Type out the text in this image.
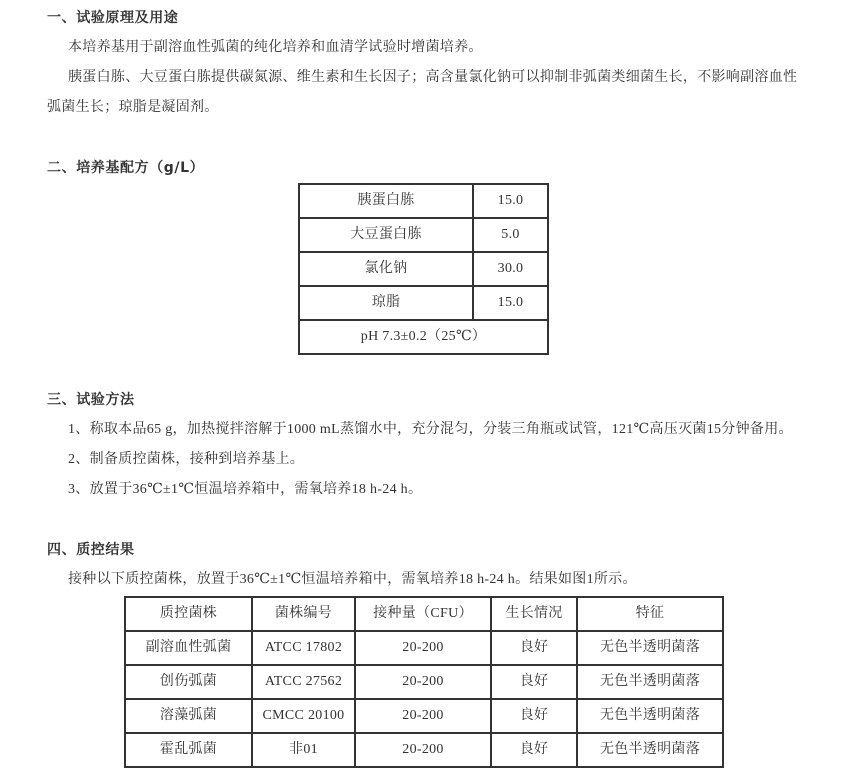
一、试验原理及用途

本培养基用于副溶血性弧菌的纯化培养和血清学试验时增菌培养。

胰蛋白胨、大豆蛋白胨提供碳氮源、维生素和生长因子；高含量氯化钠可以抑制非弧菌类细菌生长，不影响副溶血性弧菌生长；琼脂是凝固剂。

二、培养基配方（g/L）
胰蛋白胨	15.0
大豆蛋白胨	5.0
氯化钠	30.0
琼脂	15.0
pH 7.3±0.2（25℃）	
三、试验方法

1、称取本品65 g，加热搅拌溶解于1000 mL蒸馏水中，充分混匀，分装三角瓶或试管，121℃高压灭菌15分钟备用。

2、制备质控菌株，接种到培养基上。

3、放置于36℃±1℃恒温培养箱中，需氧培养18 h-24 h。

四、质控结果

接种以下质控菌株，放置于36℃±1℃恒温培养箱中，需氧培养18 h-24 h。结果如图1所示。

质控菌株	菌株编号	接种量（CFU）	生长情况	特征
副溶血性弧菌	ATCC 17802	20-200	良好	无色半透明菌落
创伤弧菌	ATCC 27562	20-200	良好	无色半透明菌落
溶藻弧菌	CMCC 20100	20-200	良好	无色半透明菌落
霍乱弧菌	非01	20-200	良好	无色半透明菌落
